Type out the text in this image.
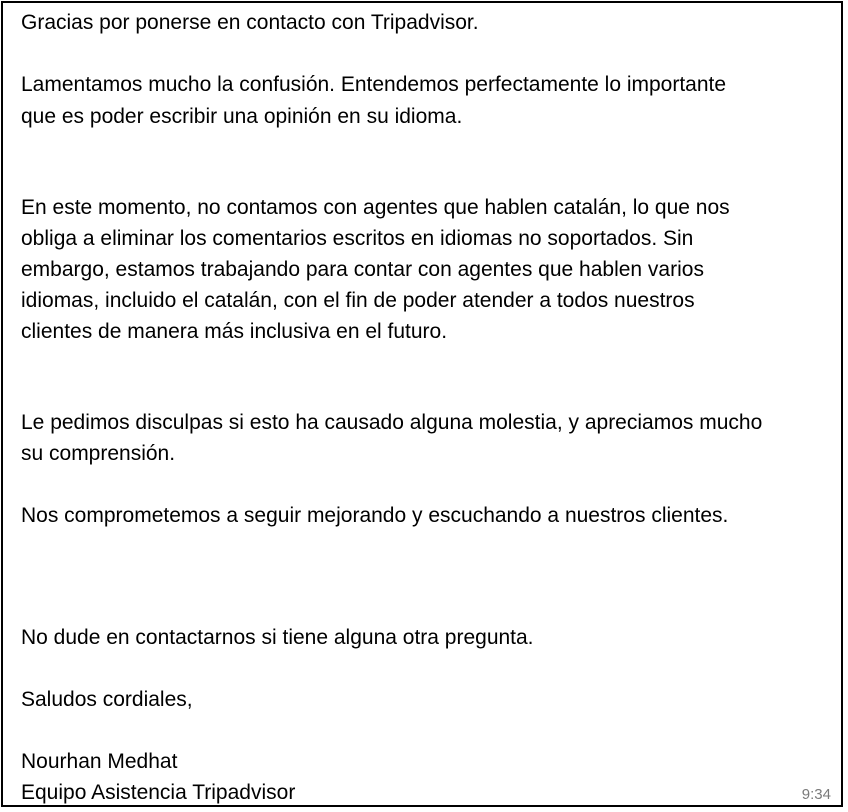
Gracias por ponerse en contacto con Tripadvisor.
Lamentamos mucho la confusión. Entendemos perfectamente lo importante
que es poder escribir una opinión en su idioma.
En este momento, no contamos con agentes que hablen catalán, lo que nos
obliga a eliminar los comentarios escritos en idiomas no soportados. Sin
embargo, estamos trabajando para contar con agentes que hablen varios
idiomas, incluido el catalán, con el fin de poder atender a todos nuestros
clientes de manera más inclusiva en el futuro.
Le pedimos disculpas si esto ha causado alguna molestia, y apreciamos mucho
su comprensión.
Nos comprometemos a seguir mejorando y escuchando a nuestros clientes.
No dude en contactarnos si tiene alguna otra pregunta.
Saludos cordiales,
Nourhan Medhat
Equipo Asistencia Tripadvisor	9:34
